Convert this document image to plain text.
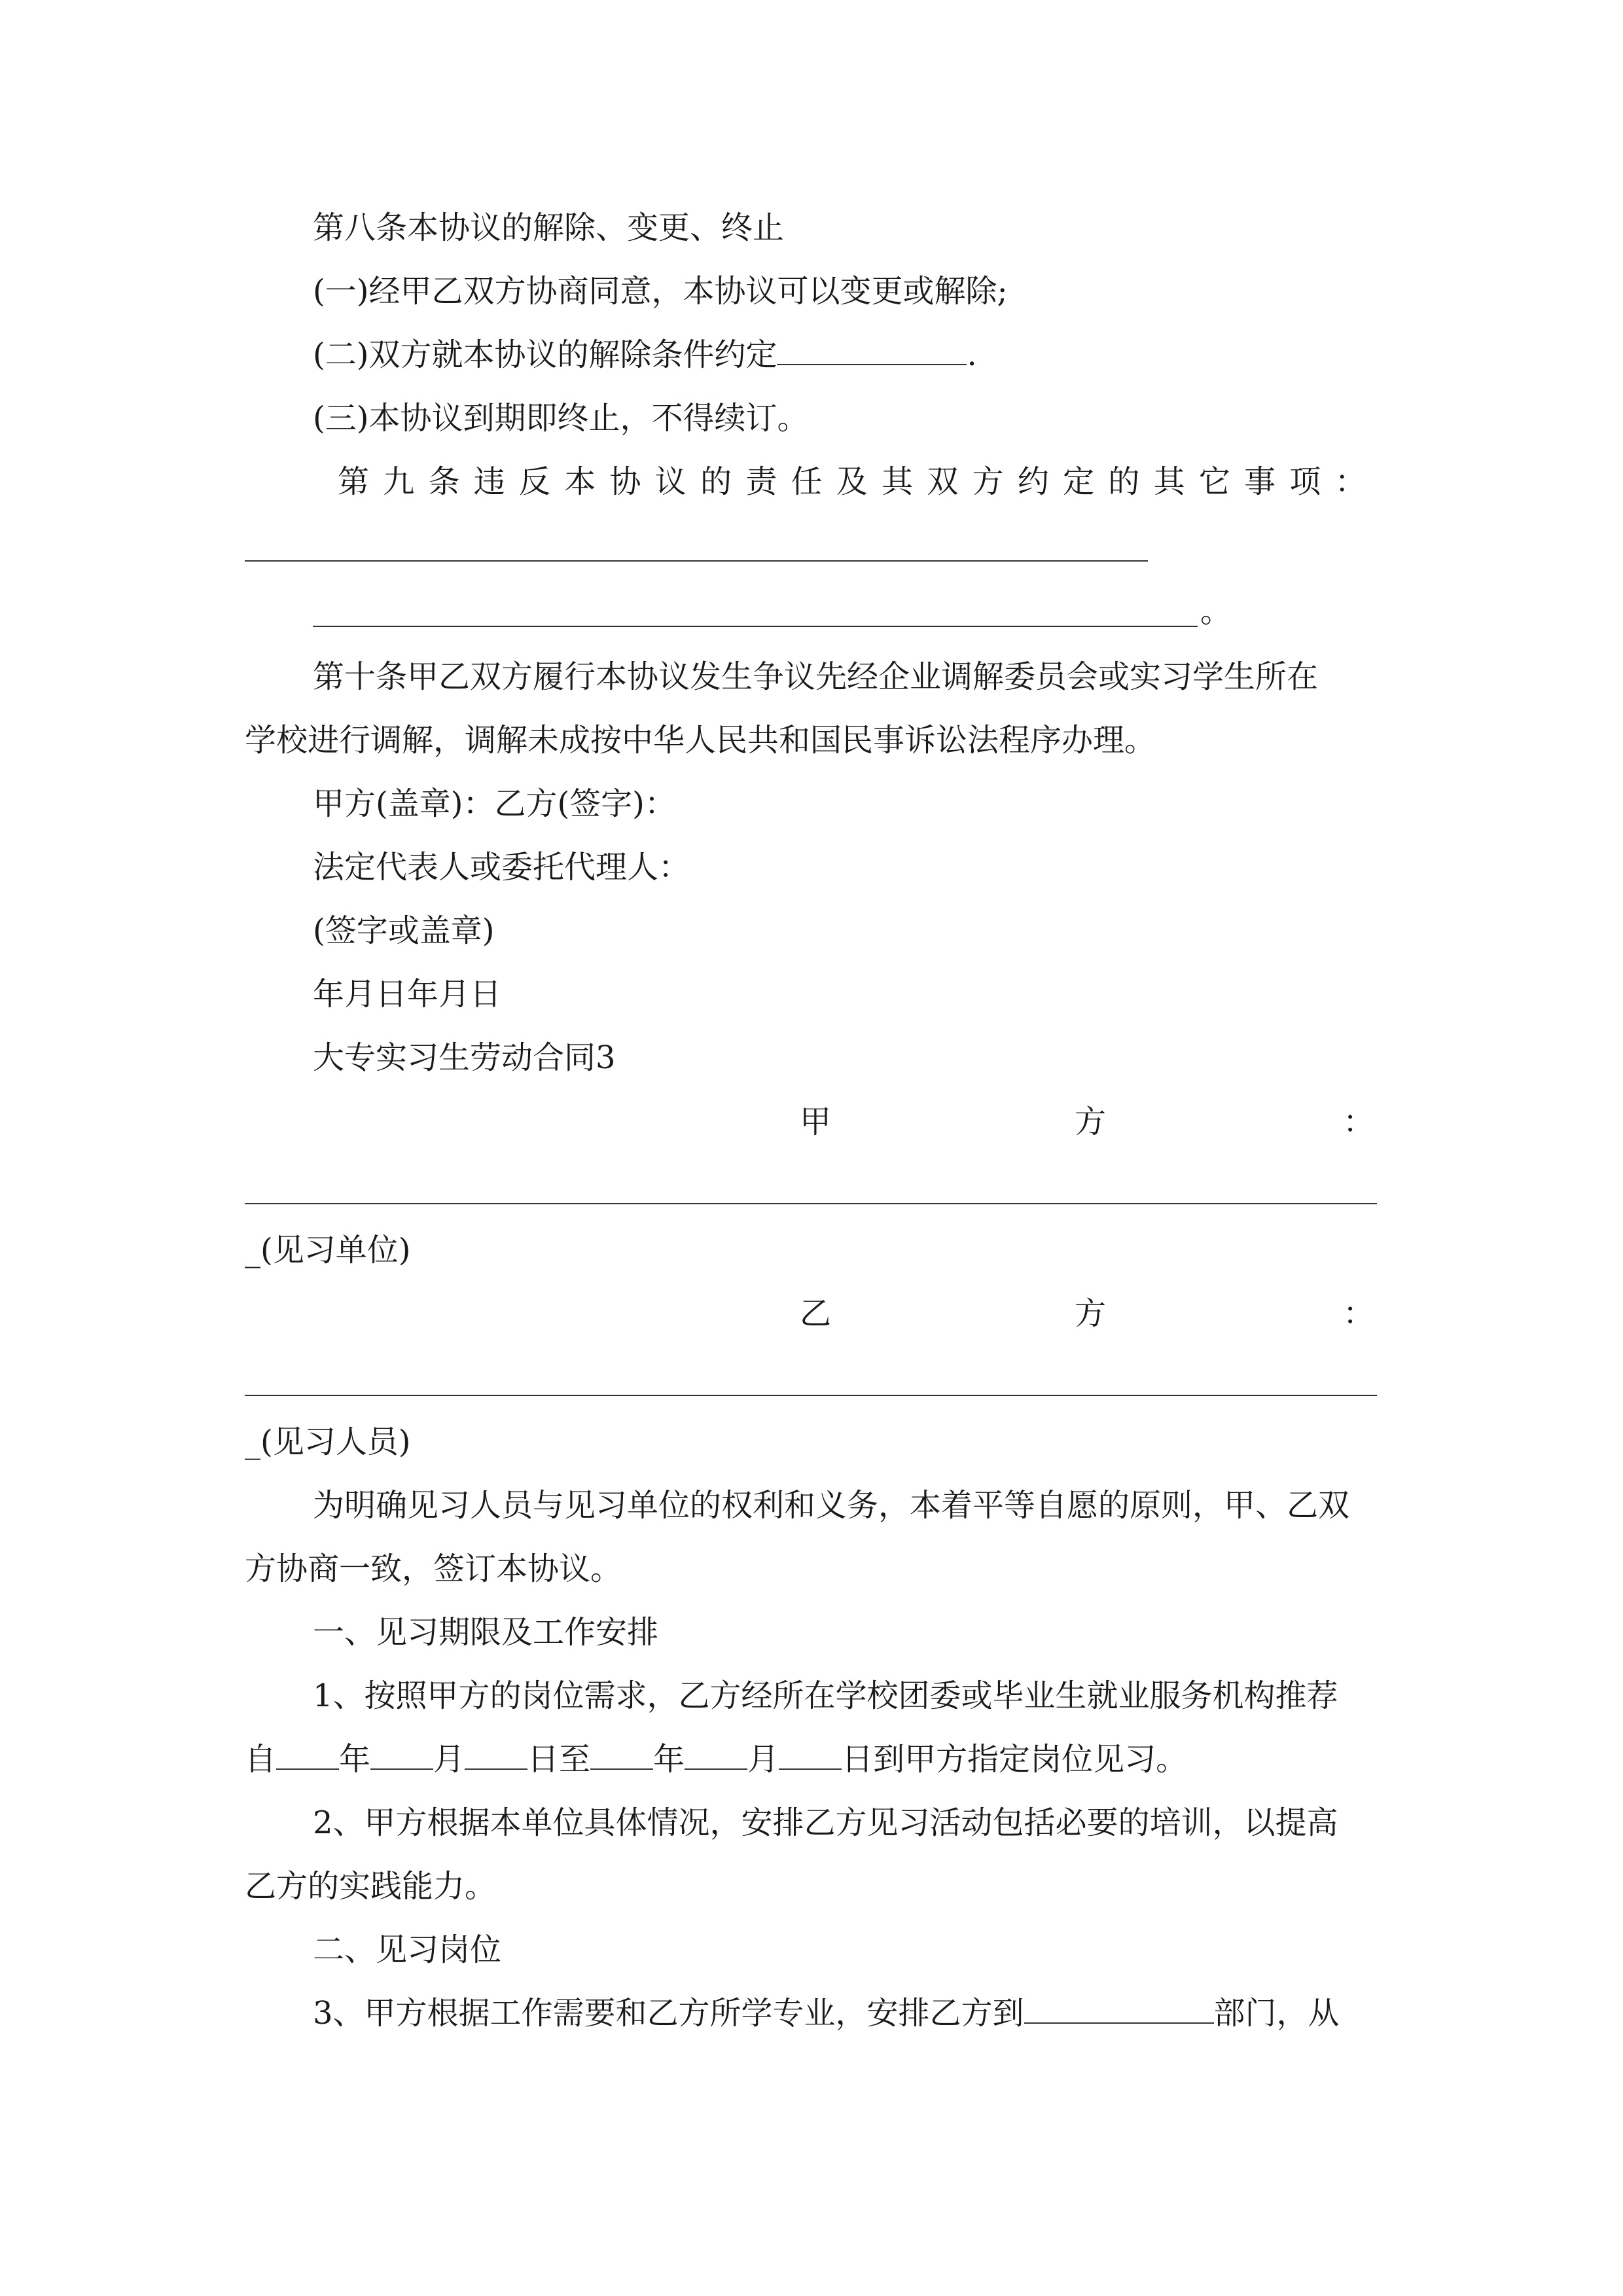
第八条本协议的解除、变更、终止
(一)经甲乙双方协商同意，本协议可以变更或解除;
(二)双方就本协议的解除条件约定	.
(三)本协议到期即终止，不得续订。
第 九 条 违 反 本 协 议 的 责 任 及 其 双 方 约 定 的 其 它 事 项 ：
。
第十条甲乙双方履行本协议发生争议先经企业调解委员会或实习学生所在
学校进行调解，调解未成按中华人民共和国民事诉讼法程序办理。
甲方(盖章)：乙方(签字)：
法定代表人或委托代理人：
(签字或盖章)
年月日年月日
大专实习生劳动合同3
甲	方	：
_(见习单位)
乙	方	：
_(见习人员)
为明确见习人员与见习单位的权利和义务，本着平等自愿的原则，甲、乙双
方协商一致，签订本协议。
一、见习期限及工作安排
1、按照甲方的岗位需求，乙方经所在学校团委或毕业生就业服务机构推荐
自 年 月 日至 年 月 日到甲方指定岗位见习。
2、甲方根据本单位具体情况，安排乙方见习活动包括必要的培训，以提高
乙方的实践能力。
二、见习岗位
3、甲方根据工作需要和乙方所学专业，安排乙方到	部门，从
